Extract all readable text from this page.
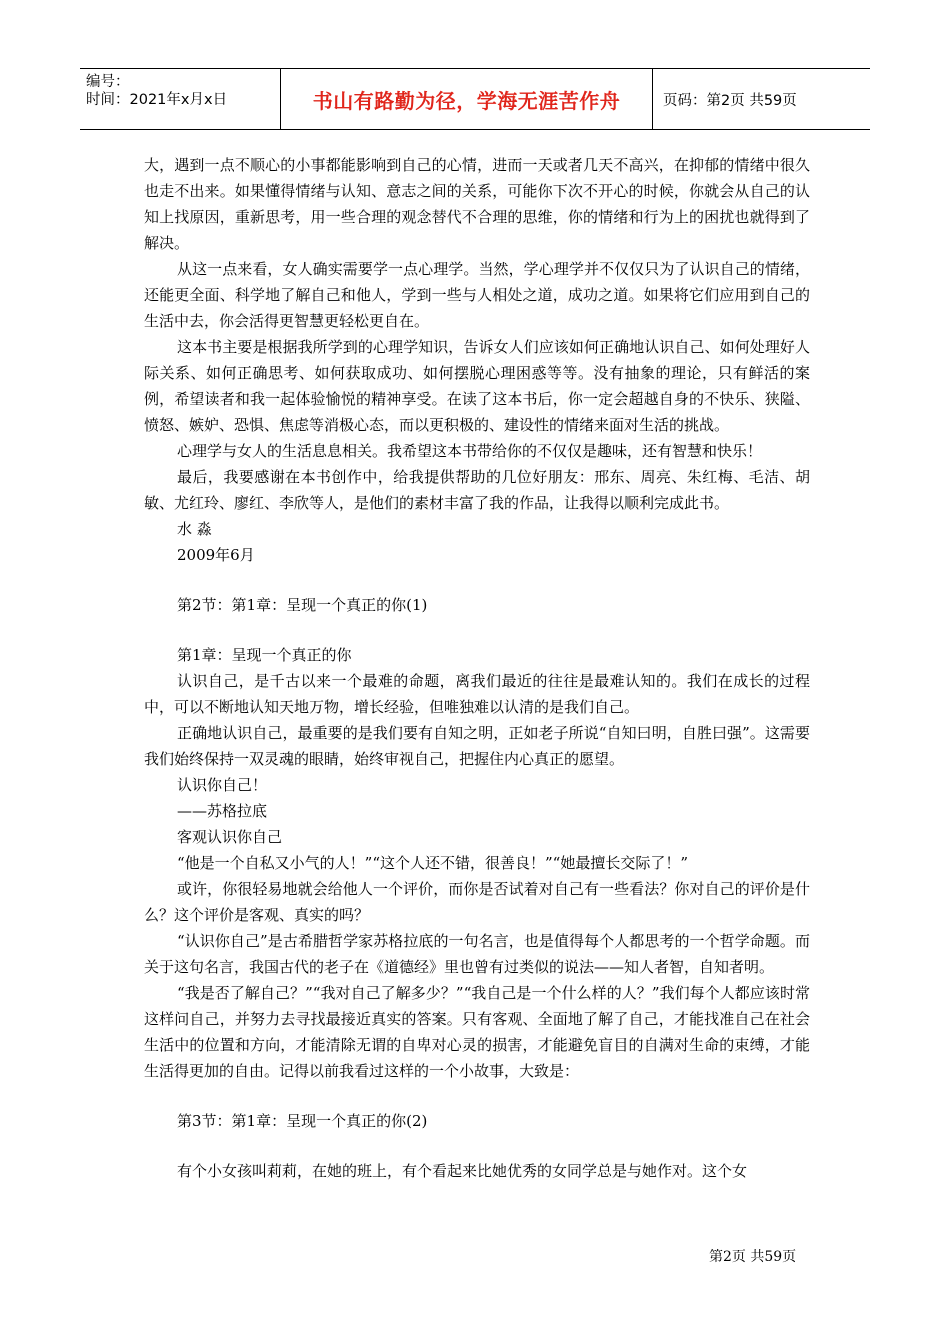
编号：
时间：2021年x月x日	书山有路勤为径，学海无涯苦作舟	页码：第2页 共59页

大，遇到一点不顺心的小事都能影响到自己的心情，进而一天或者几天不高兴，在抑郁的情绪中很久也走不出来。如果懂得情绪与认知、意志之间的关系，可能你下次不开心的时候，你就会从自己的认知上找原因，重新思考，用一些合理的观念替代不合理的思维，你的情绪和行为上的困扰也就得到了解决。

从这一点来看，女人确实需要学一点心理学。当然，学心理学并不仅仅只为了认识自己的情绪，还能更全面、科学地了解自己和他人，学到一些与人相处之道，成功之道。如果将它们应用到自己的生活中去，你会活得更智慧更轻松更自在。

这本书主要是根据我所学到的心理学知识，告诉女人们应该如何正确地认识自己、如何处理好人际关系、如何正确思考、如何获取成功、如何摆脱心理困惑等等。没有抽象的理论，只有鲜活的案例，希望读者和我一起体验愉悦的精神享受。在读了这本书后，你一定会超越自身的不快乐、狭隘、愤怒、嫉妒、恐惧、焦虑等消极心态，而以更积极的、建设性的情绪来面对生活的挑战。

心理学与女人的生活息息相关。我希望这本书带给你的不仅仅是趣味，还有智慧和快乐！

最后，我要感谢在本书创作中，给我提供帮助的几位好朋友：邢东、周亮、朱红梅、毛洁、胡敏、尤红玲、廖红、李欣等人，是他们的素材丰富了我的作品，让我得以顺利完成此书。

水 淼

2009年6月

第2节：第1章：呈现一个真正的你(1)

第1章：呈现一个真正的你

认识自己，是千古以来一个最难的命题，离我们最近的往往是最难认知的。我们在成长的过程中，可以不断地认知天地万物，增长经验，但唯独难以认清的是我们自己。

正确地认识自己，最重要的是我们要有自知之明，正如老子所说“自知曰明，自胜曰强”。这需要我们始终保持一双灵魂的眼睛，始终审视自己，把握住内心真正的愿望。

认识你自己！

——苏格拉底

客观认识你自己

“他是一个自私又小气的人！”“这个人还不错，很善良！”“她最擅长交际了！”

或许，你很轻易地就会给他人一个评价，而你是否试着对自己有一些看法？你对自己的评价是什么？这个评价是客观、真实的吗？

“认识你自己”是古希腊哲学家苏格拉底的一句名言，也是值得每个人都思考的一个哲学命题。而关于这句名言，我国古代的老子在《道德经》里也曾有过类似的说法——知人者智，自知者明。

“我是否了解自己？”“我对自己了解多少？”“我自己是一个什么样的人？”我们每个人都应该时常这样问自己，并努力去寻找最接近真实的答案。只有客观、全面地了解了自己，才能找准自己在社会生活中的位置和方向，才能清除无谓的自卑对心灵的损害，才能避免盲目的自满对生命的束缚，才能生活得更加的自由。记得以前我看过这样的一个小故事，大致是：

第3节：第1章：呈现一个真正的你(2)

有个小女孩叫莉莉，在她的班上，有个看起来比她优秀的女同学总是与她作对。这个女

第2页 共59页
